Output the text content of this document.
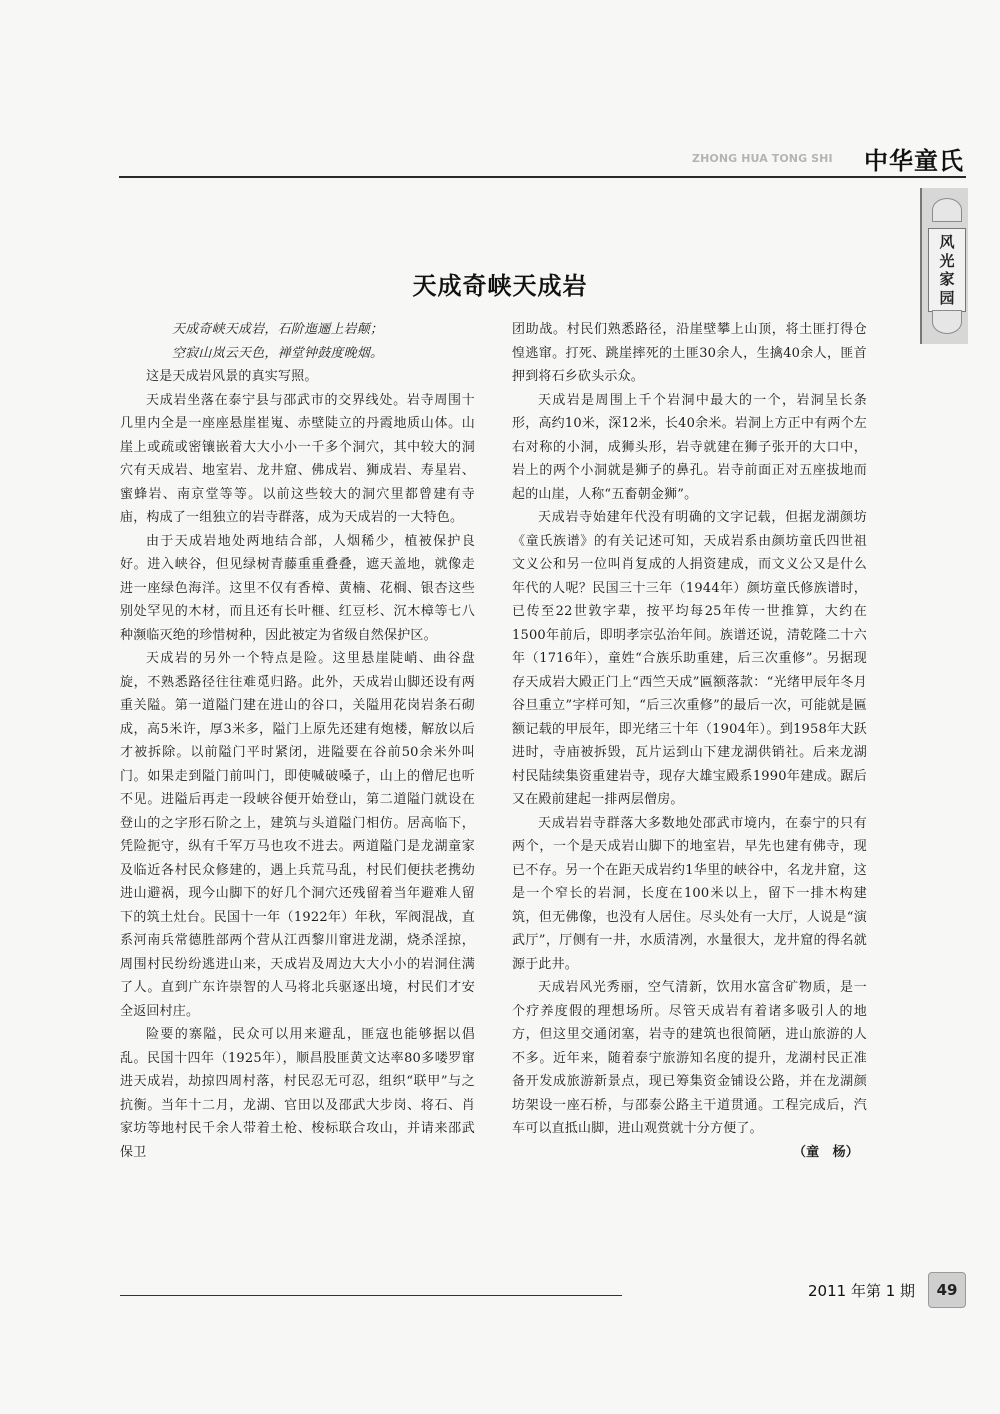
ZHONG HUA TONG SHI	中华童氏
风光家园
天成奇峡天成岩

天成奇峡天成岩，石阶迤逦上岩颠；

空寂山岚云天色，禅堂钟鼓度晚烟。

这是天成岩风景的真实写照。

天成岩坐落在泰宁县与邵武市的交界线处。岩寺周围十几里内全是一座座悬崖崔嵬、赤壁陡立的丹霞地质山体。山崖上或疏或密镶嵌着大大小小一千多个洞穴，其中较大的洞穴有天成岩、地室岩、龙井窟、佛成岩、狮成岩、寿星岩、蜜蜂岩、南京堂等等。以前这些较大的洞穴里都曾建有寺庙，构成了一组独立的岩寺群落，成为天成岩的一大特色。

由于天成岩地处两地结合部，人烟稀少，植被保护良好。进入峡谷，但见绿树青藤重重叠叠，遮天盖地，就像走进一座绿色海洋。这里不仅有香樟、黄楠、花榈、银杏这些别处罕见的木材，而且还有长叶榧、红豆杉、沉木樟等七八种濒临灭绝的珍惜树种，因此被定为省级自然保护区。

天成岩的另外一个特点是险。这里悬崖陡峭、曲谷盘旋，不熟悉路径往往难觅归路。此外，天成岩山脚还设有两重关隘。第一道隘门建在进山的谷口，关隘用花岗岩条石砌成，高5米许，厚3米多，隘门上原先还建有炮楼，解放以后才被拆除。以前隘门平时紧闭，进隘要在谷前50余米外叫门。如果走到隘门前叫门，即使喊破嗓子，山上的僧尼也听不见。进隘后再走一段峡谷便开始登山，第二道隘门就设在登山的之字形石阶之上，建筑与头道隘门相仿。居高临下，凭险扼守，纵有千军万马也攻不进去。两道隘门是龙湖童家及临近各村民众修建的，遇上兵荒马乱，村民们便扶老携幼进山避祸，现今山脚下的好几个洞穴还残留着当年避难人留下的筑土灶台。民国十一年（1922年）年秋，军阀混战，直系河南兵常德胜部两个营从江西黎川窜进龙湖，烧杀淫掠，周围村民纷纷逃进山来，天成岩及周边大大小小的岩洞住满了人。直到广东许崇智的人马将北兵驱逐出境，村民们才安全返回村庄。

险要的寨隘，民众可以用来避乱，匪寇也能够据以倡乱。民国十四年（1925年），顺昌股匪黄文达率80多喽罗窜进天成岩，劫掠四周村落，村民忍无可忍，组织“联甲”与之抗衡。当年十二月，龙湖、官田以及邵武大步岗、将石、肖家坊等地村民千余人带着土枪、梭标联合攻山，并请来邵武保卫

团助战。村民们熟悉路径，沿崖壁攀上山顶，将土匪打得仓惶逃窜。打死、跳崖摔死的土匪30余人，生擒40余人，匪首押到将石乡砍头示众。

天成岩是周围上千个岩洞中最大的一个，岩洞呈长条形，高约10米，深12米，长40余米。岩洞上方正中有两个左右对称的小洞，成狮头形，岩寺就建在狮子张开的大口中，岩上的两个小洞就是狮子的鼻孔。岩寺前面正对五座拔地而起的山崖，人称“五畜朝金狮”。

天成岩寺始建年代没有明确的文字记载，但据龙湖颜坊《童氏族谱》的有关记述可知，天成岩系由颜坊童氏四世祖文义公和另一位叫肖复成的人捐资建成，而文义公又是什么年代的人呢？民国三十三年（1944年）颜坊童氏修族谱时，已传至22世敦字辈，按平均每25年传一世推算，大约在1500年前后，即明孝宗弘治年间。族谱还说，清乾隆二十六年（1716年），童姓“合族乐助重建，后三次重修”。另据现存天成岩大殿正门上“西竺天成”匾额落款：“光绪甲辰年冬月谷旦重立”字样可知，“后三次重修”的最后一次，可能就是匾额记载的甲辰年，即光绪三十年（1904年）。到1958年大跃进时，寺庙被拆毁，瓦片运到山下建龙湖供销社。后来龙湖村民陆续集资重建岩寺，现存大雄宝殿系1990年建成。踞后又在殿前建起一排两层僧房。

天成岩岩寺群落大多数地处邵武市境内，在泰宁的只有两个，一个是天成岩山脚下的地室岩，早先也建有佛寺，现已不存。另一个在距天成岩约1华里的峡谷中，名龙井窟，这是一个窄长的岩洞，长度在100米以上，留下一排木构建筑，但无佛像，也没有人居住。尽头处有一大厅，人说是“演武厅”，厅侧有一井，水质清冽，水量很大，龙井窟的得名就源于此井。

天成岩风光秀丽，空气清新，饮用水富含矿物质，是一个疗养度假的理想场所。尽管天成岩有着诸多吸引人的地方，但这里交通闭塞，岩寺的建筑也很简陋，进山旅游的人不多。近年来，随着泰宁旅游知名度的提升，龙湖村民正准备开发成旅游新景点，现已筹集资金铺设公路，并在龙湖颜坊架设一座石桥，与邵泰公路主干道贯通。工程完成后，汽车可以直抵山脚，进山观赏就十分方便了。

（童　杨）

2011 年第 1 期	49
